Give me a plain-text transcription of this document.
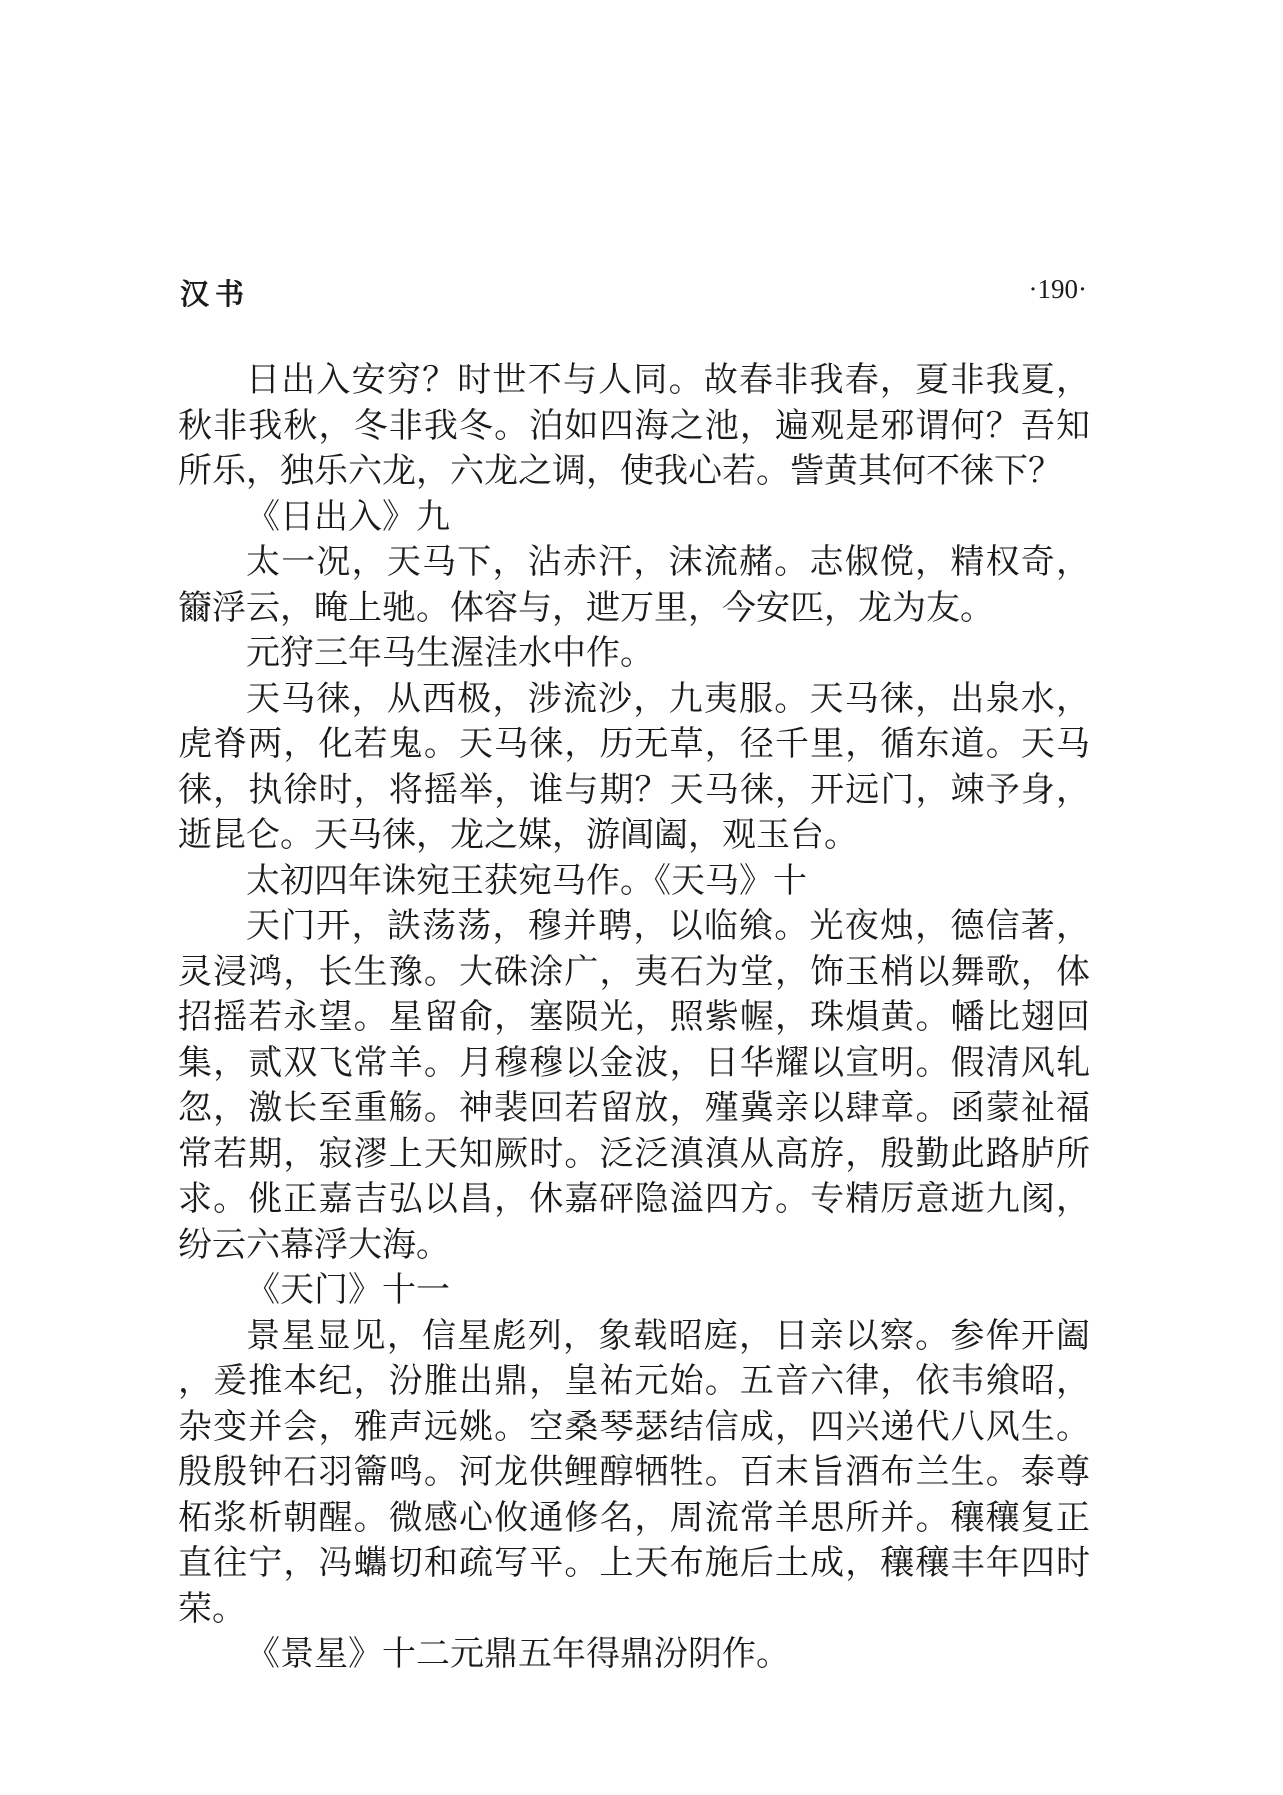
汉书	·190·

日出入安穷？时世不与人同。故春非我春，夏非我夏，秋非我秋，冬非我冬。泊如四海之池，遍观是邪谓何？吾知所乐，独乐六龙，六龙之调，使我心若。訾黄其何不徕下？

《日出入》九

太一况，天马下，沾赤汗，沫流赭。志俶傥，精权奇，籋浮云，晻上驰。体容与，迣万里，今安匹，龙为友。

元狩三年马生渥洼水中作。

天马徕，从西极，涉流沙，九夷服。天马徕，出泉水，虎脊两，化若鬼。天马徕，历无草，径千里，循东道。天马徕，执徐时，将摇举，谁与期？天马徕，开远门，竦予身，逝昆仑。天马徕，龙之媒，游阊阖，观玉台。

太初四年诛宛王获宛马作。《天马》十

天门开，詄荡荡，穆并聘，以临飨。光夜烛，德信著，灵浸鸿，长生豫。大硃涂广，夷石为堂，饰玉梢以舞歌，体招摇若永望。星留俞，塞陨光，照紫幄，珠熉黄。幡比翅回集，贰双飞常羊。月穆穆以金波，日华耀以宣明。假清风轧忽，激长至重觞。神裴回若留放，殣冀亲以肆章。函蒙祉福常若期，寂漻上天知厥时。泛泛滇滇从高斿，殷勤此路胪所求。佻正嘉吉弘以昌，休嘉砰隐溢四方。专精厉意逝九阂，纷云六幕浮大海。

《天门》十一

景星显见，信星彪列，象载昭庭，日亲以察。参侔开阖，爰推本纪，汾脽出鼎，皇祐元始。五音六律，依韦飨昭，杂变并会，雅声远姚。空桑琴瑟结信成，四兴递代八风生。殷殷钟石羽籥鸣。河龙供鲤醇牺牲。百末旨酒布兰生。泰尊柘浆析朝醒。微感心攸通修名，周流常羊思所并。穰穰复正直往宁，冯蠵切和疏写平。上天布施后土成，穰穰丰年四时荣。

《景星》十二元鼎五年得鼎汾阴作。
